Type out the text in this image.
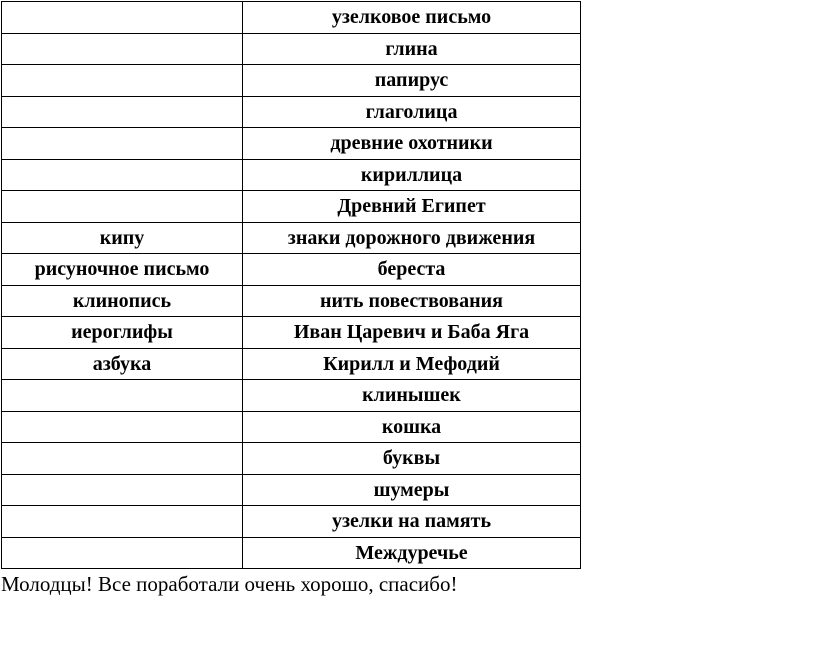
	узелковое письмо
	глина
	папирус
	глаголица
	древние охотники
	кириллица
	Древний Египет
кипу	знаки дорожного движения
рисуночное письмо	береста
клинопись	нить повествования
иероглифы	Иван Царевич и Баба Яга
азбука	Кирилл и Мефодий
	клинышек
	кошка
	буквы
	шумеры
	узелки на память
	Междуречье
Молодцы! Все поработали очень хорошо, спасибо!
